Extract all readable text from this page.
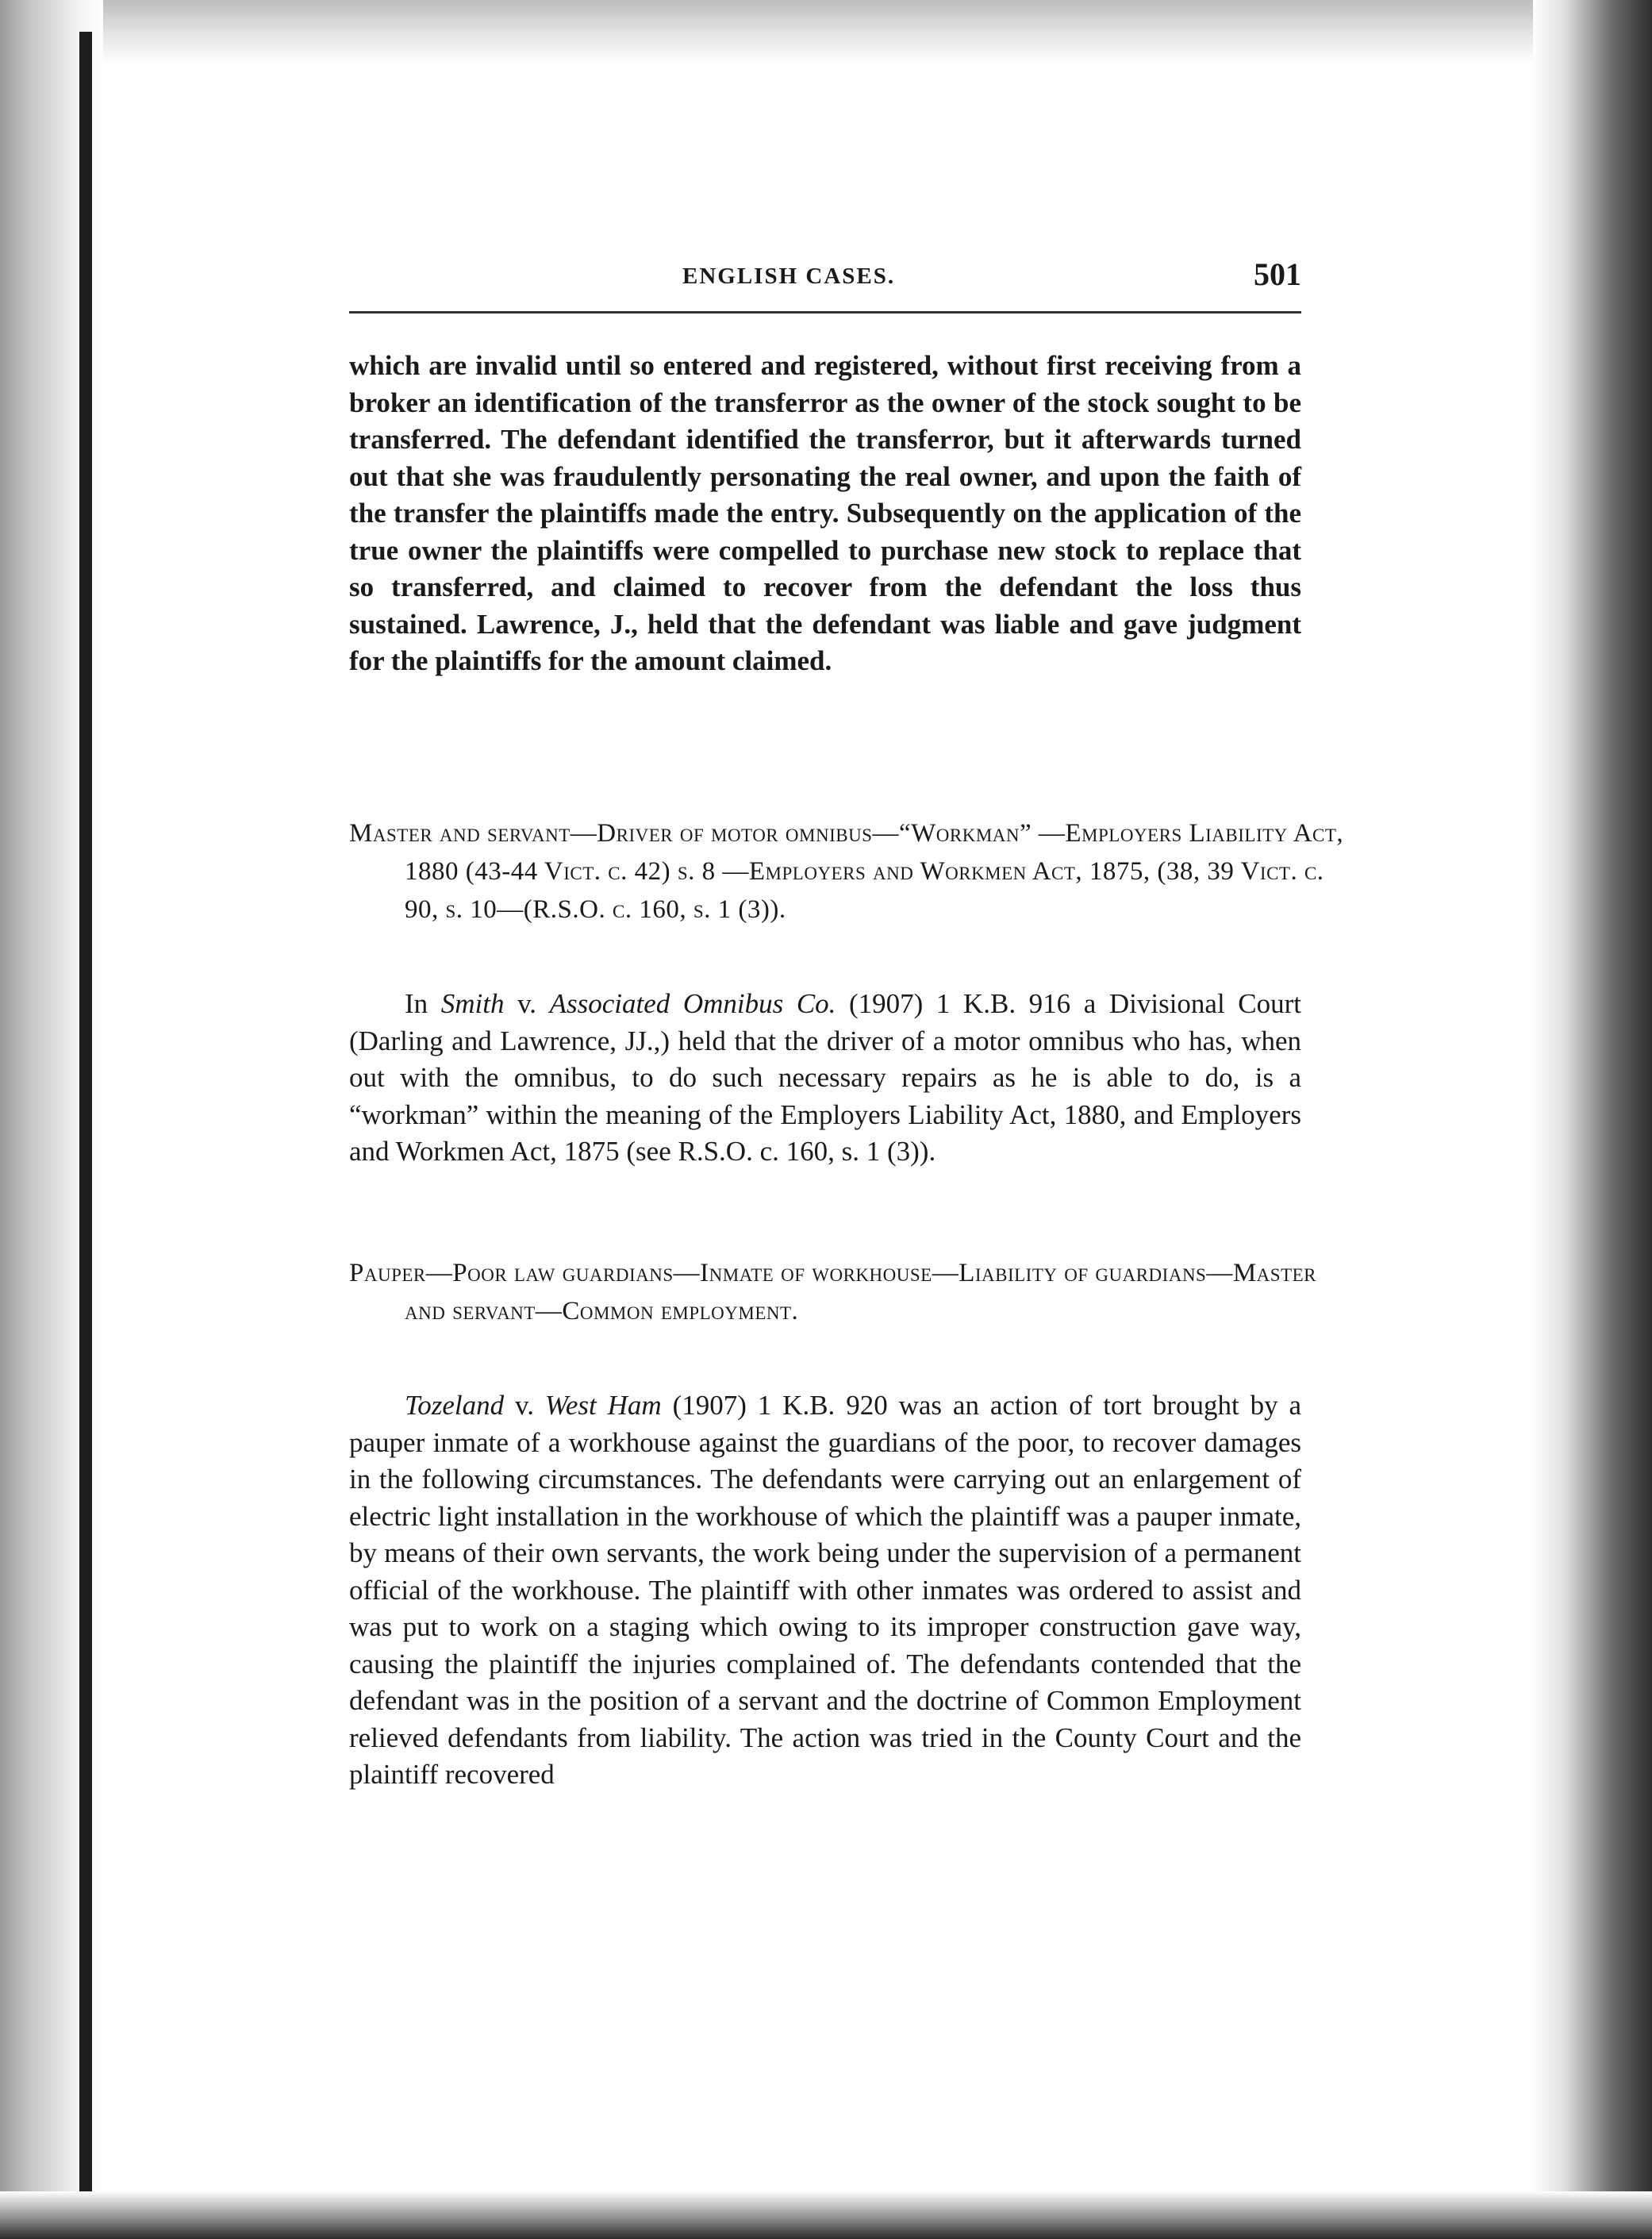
ENGLISH CASES.	501

which are invalid until so entered and registered, without first receiving from a broker an identification of the transferror as the owner of the stock sought to be transferred. The defendant identified the transferror, but it afterwards turned out that she was fraudulently personating the real owner, and upon the faith of the transfer the plaintiffs made the entry. Subsequently on the application of the true owner the plaintiffs were compelled to purchase new stock to replace that so transferred, and claimed to recover from the defendant the loss thus sustained. Lawrence, J., held that the defendant was liable and gave judgment for the plaintiffs for the amount claimed.

Master and servant—Driver of motor omnibus—“Workman” —Employers Liability Act, 1880 (43-44 Vict. c. 42) s. 8 —Employers and Workmen Act, 1875, (38, 39 Vict. c. 90, s. 10—(R.S.O. c. 160, s. 1 (3)).

In Smith v. Associated Omnibus Co. (1907) 1 K.B. 916 a Divisional Court (Darling and Lawrence, JJ.,) held that the driver of a motor omnibus who has, when out with the omnibus, to do such necessary repairs as he is able to do, is a “workman” within the meaning of the Employers Liability Act, 1880, and Employers and Workmen Act, 1875 (see R.S.O. c. 160, s. 1 (3)).

Pauper—Poor law guardians—Inmate of workhouse—Liability of guardians—Master and servant—Common employment.

Tozeland v. West Ham (1907) 1 K.B. 920 was an action of tort brought by a pauper inmate of a workhouse against the guardians of the poor, to recover damages in the following circumstances. The defendants were carrying out an enlargement of electric light installation in the workhouse of which the plaintiff was a pauper inmate, by means of their own servants, the work being under the supervision of a permanent official of the workhouse. The plaintiff with other inmates was ordered to assist and was put to work on a staging which owing to its improper construction gave way, causing the plaintiff the injuries complained of. The defendants contended that the defendant was in the position of a servant and the doctrine of Common Employment relieved defendants from liability. The action was tried in the County Court and the plaintiff recovered
